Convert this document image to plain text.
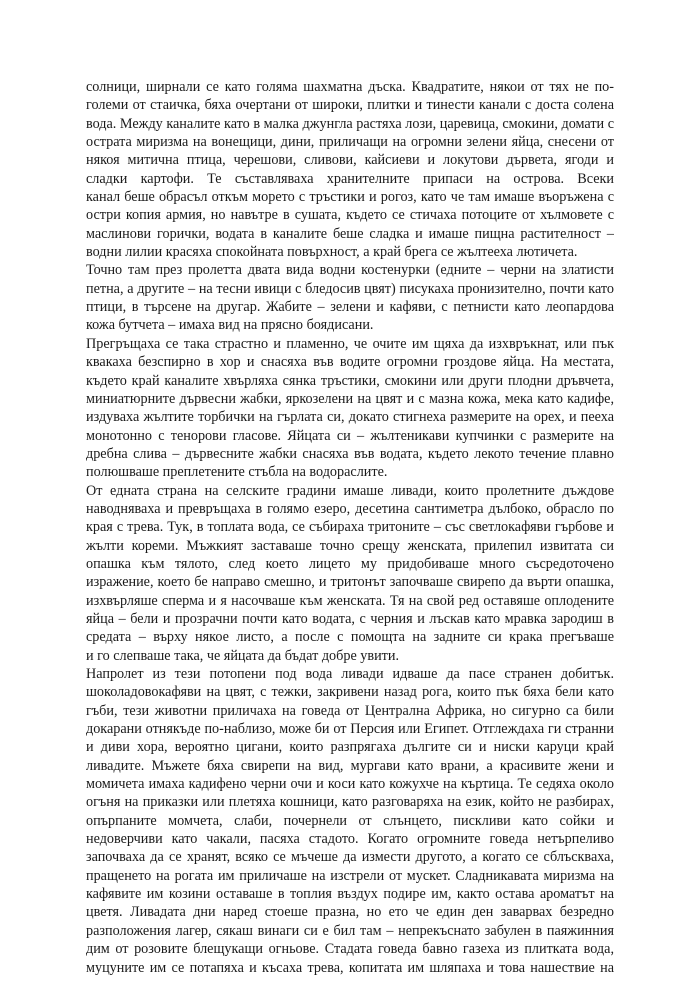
солници, ширнали се като голяма шахматна дъска. Квадратите, някои от тях не по-
големи от стаичка, бяха очертани от широки, плитки и тинести канали с доста солена
вода. Между каналите като в малка джунгла растяха лози, царевица, смокини, домати с
острата миризма на вонещици, дини, приличащи на огромни зелени яйца, снесени от
някоя митична птица, черешови, сливови, кайсиеви и локутови дървета, ягоди и
сладки картофи. Те съставляваха хранителните припаси на острова. Всеки
канал беше обрасъл откъм морето с тръстики и рогоз, като че там имаше въоръжена с
остри копия армия, но навътре в сушата, където се стичаха потоците от хълмовете с
маслинови горички, водата в каналите беше сладка и имаше пищна растителност –
водни лилии красяха спокойната повърхност, а край брега се жълтееха лютичета.
Точно там през пролетта двата вида водни костенурки (едните – черни на златисти
петна, а другите – на тесни ивици с бледосив цвят) писукаха пронизително, почти като
птици, в търсене на другар. Жабите – зелени и кафяви, с петнисти като леопардова
кожа бутчета – имаха вид на прясно боядисани.
Прегръщаха се така страстно и пламенно, че очите им щяха да изхвръкнат, или пък
квакаха безспирно в хор и снасяха във водите огромни гроздове яйца. На местата,
където край каналите хвърляха сянка тръстики, смокини или други плодни дръвчета,
миниатюрните дървесни жабки, яркозелени на цвят и с мазна кожа, мека като кадифе,
издуваха жълтите торбички на гърлата си, докато стигнеха размерите на орех, и пееха
монотонно с тенорови гласове. Яйцата си – жълтеникави купчинки с размерите на
дребна слива – дървесните жабки снасяха във водата, където лекото течение плавно
полюшваше преплетените стъбла на водораслите.
От едната страна на селските градини имаше ливади, които пролетните дъждове
наводняваха и превръщаха в голямо езеро, десетина сантиметра дълбоко, обрасло по
края с трева. Тук, в топлата вода, се събираха тритоните – със светлокафяви гърбове и
жълти кореми. Мъжкият заставаше точно срещу женската, прилепил извитата си
опашка към тялото, след което лицето му придобиваше много съсредоточено
изражение, което бе направо смешно, и тритонът започваше свирепо да върти опашка,
изхвърляше сперма и я насочваше към женската. Тя на свой ред оставяше оплодените
яйца – бели и прозрачни почти като водата, с черния и лъскав като мравка зародиш в
средата – върху някое листо, а после с помощта на задните си крака прегъваше
и го слепваше така, че яйцата да бъдат добре увити.
Напролет из тези потопени под вода ливади идваше да пасе странен добитък.
шоколадовокафяви на цвят, с тежки, закривени назад рога, които пък бяха бели като
гъби, тези животни приличаха на говеда от Централна Африка, но сигурно са били
докарани отнякъде по-наблизо, може би от Персия или Египет. Отглеждаха ги странни
и диви хора, вероятно цигани, които разпрягаха дългите си и ниски каруци край
ливадите. Мъжете бяха свирепи на вид, мургави като врани, а красивите жени и
момичета имаха кадифено черни очи и коси като кожухче на къртица. Те седяха около
огъня на приказки или плетяха кошници, като разговаряха на език, който не разбирах,
опърпаните момчета, слаби, почернели от слънцето, пискливи като сойки и
недоверчиви като чакали, пасяха стадото. Когато огромните говеда нетърпеливо
започваха да се хранят, всяко се мъчеше да измести другото, а когато се сблъскваха,
пращенето на рогата им приличаше на изстрели от мускет. Сладникавата миризма на
кафявите им козини оставаше в топлия въздух подире им, както остава ароматът на
цветя. Ливадата дни наред стоеше празна, но ето че един ден заварвах безредно
разположения лагер, сякаш винаги си е бил там – непрекъснато забулен в паяжинния
дим от розовите блещукащи огньове. Стадата говеда бавно газеха из плитката вода,
муцуните им се потапяха и късаха трева, копитата им шляпаха и това нашествие на
